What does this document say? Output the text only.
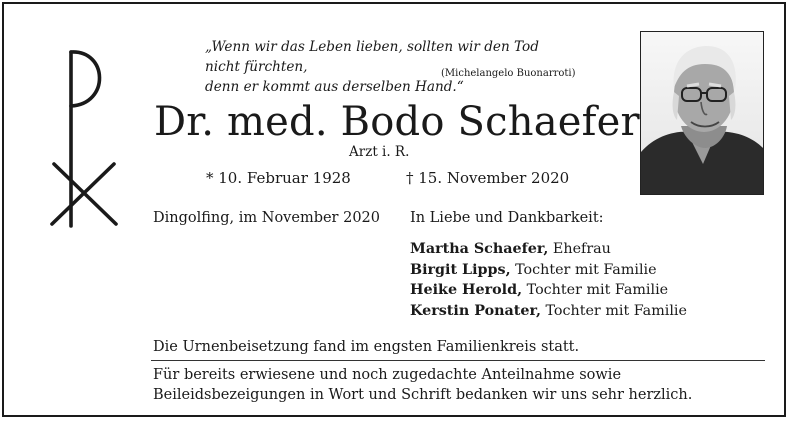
„Wenn wir das Leben lieben, sollten wir den Tod nicht fürchten,
denn er kommt aus derselben Hand.“
(Michelangelo Buonarroti)
Dr. med. Bodo Schaefer
Arzt i. R.
* 10. Februar 1928	† 15. November 2020
Dingolfing, im November 2020 In Liebe und Dankbarkeit:
Martha Schaefer, Ehefrau
Birgit Lipps, Tochter mit Familie
Heike Herold, Tochter mit Familie
Kerstin Ponater, Tochter mit Familie
Die Urnenbeisetzung fand im engsten Familienkreis statt.
Für bereits erwiesene und noch zugedachte Anteilnahme sowie Beileidsbezeigungen in Wort und Schrift bedanken wir uns sehr herzlich.
